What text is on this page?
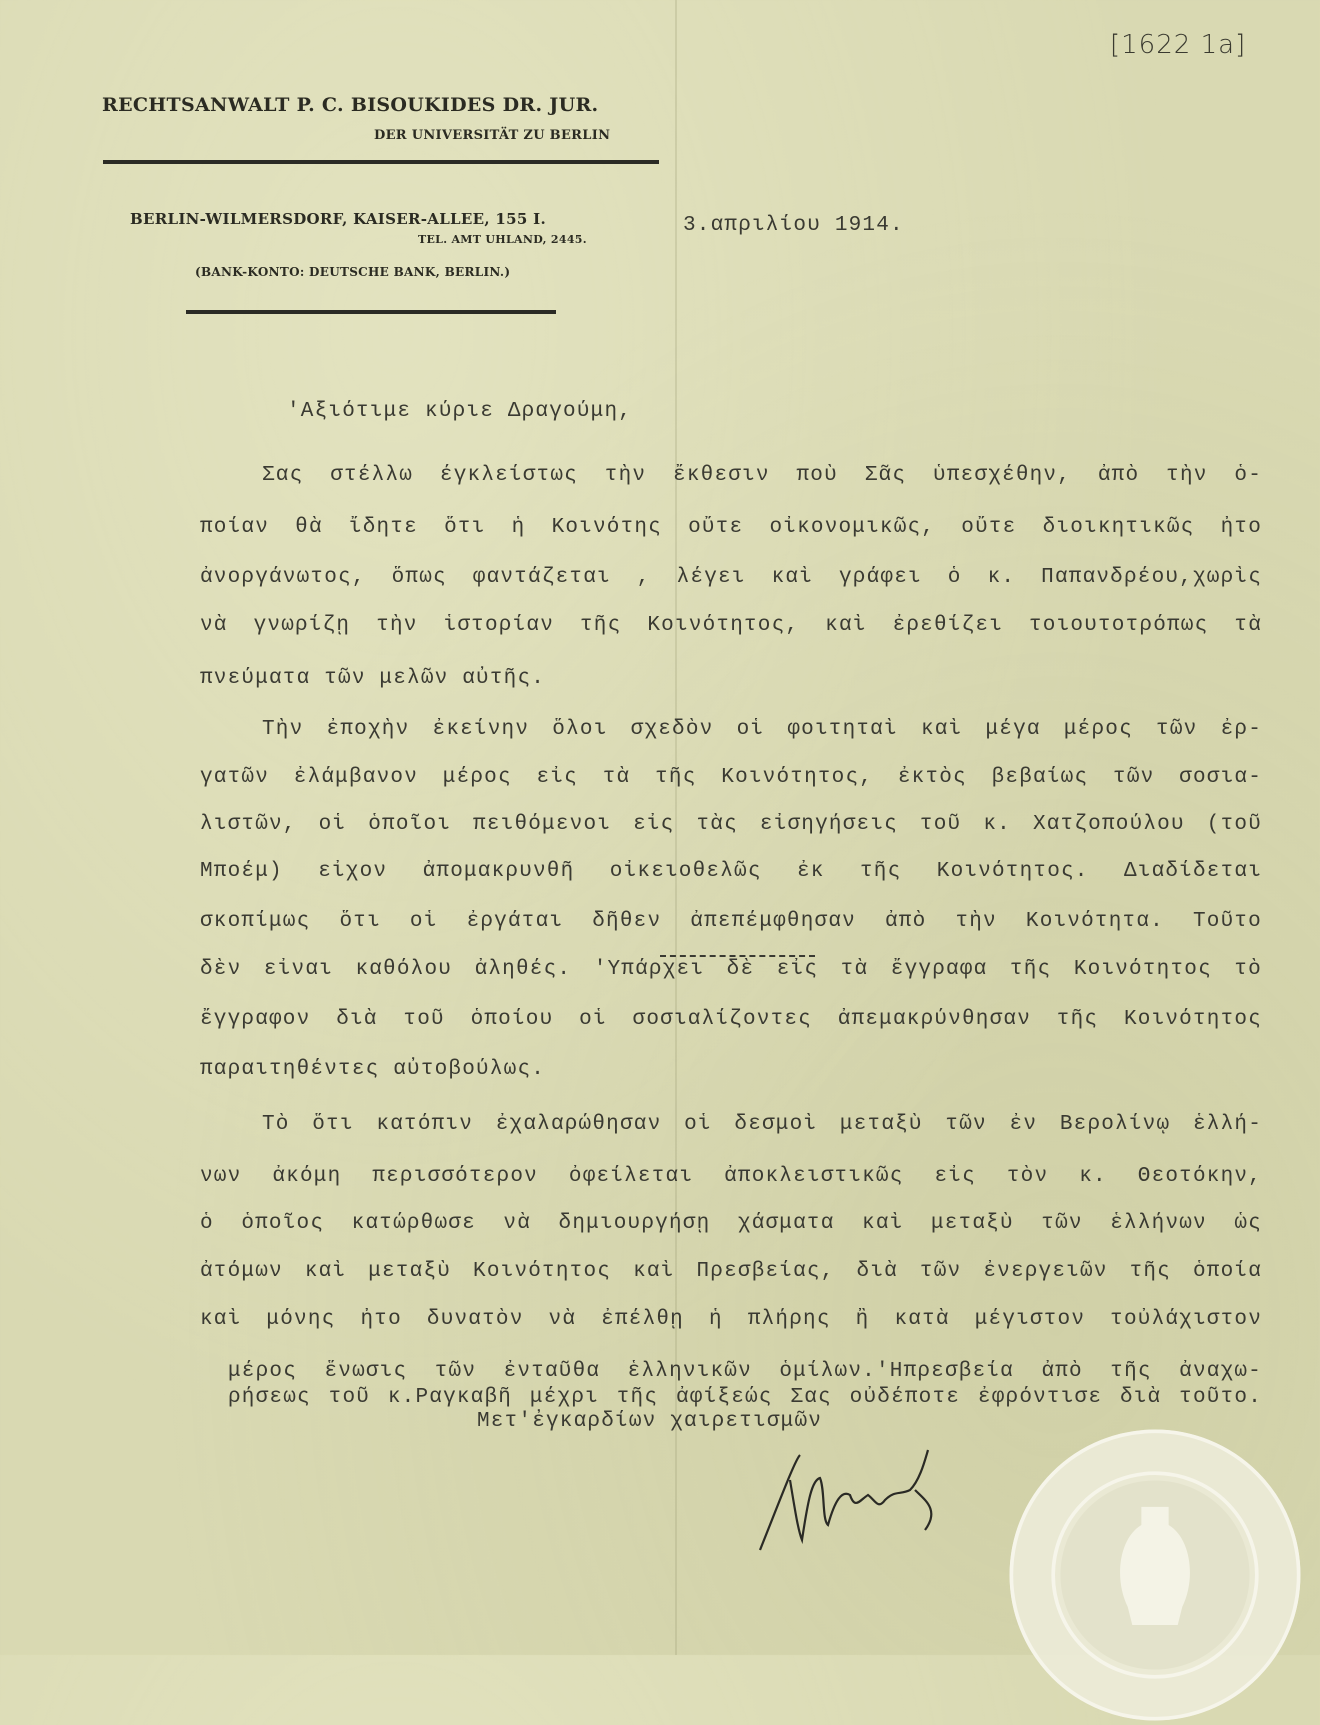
[1622 1a]
RECHTSANWALT P. C. BISOUKIDES DR. JUR.
DER UNIVERSITÄT ZU BERLIN
BERLIN-WILMERSDORF, KAISER-ALLEE, 155 I.
TEL. AMT UHLAND, 2445.
(BANK-KONTO: DEUTSCHE BANK, BERLIN.)
3.απριλίου 1914.
'Αξιότιμε κύριε Δραγούμη,
Σας στέλλω έγκλείστως τὴν ἔκθεσιν ποὺ Σᾶς ὑπεσχέθην, ἀπὸ τὴν ὁ-
ποίαν θὰ ἴδητε ὅτι ἡ Κοινότης οὔτε οἰκονομικῶς, οὔτε διοικητικῶς ἦτο
ἀνοργάνωτος, ὅπως φαντάζεται , λέγει καὶ γράφει ὁ κ. Παπανδρέου,χωρὶς
νὰ γνωρίζῃ τὴν ἱστορίαν τῆς Κοινότητος, καὶ ἐρεθίζει τοιουτοτρόπως τὰ
πνεύματα τῶν μελῶν αὐτῆς.
Τὴν ἐποχὴν ἐκείνην ὅλοι σχεδὸν οἱ φοιτηταὶ καὶ μέγα μέρος τῶν ἐρ-
γατῶν ἐλάμβανον μέρος εἰς τὰ τῆς Κοινότητος, ἐκτὸς βεβαίως τῶν σοσια-
λιστῶν, οἱ ὁποῖοι πειθόμενοι εἰς τὰς εἰσηγήσεις τοῦ κ. Χατζοπούλου (τοῦ
Μποέμ) εἶχον ἀπομακρυνθῆ οἰκειοθελῶς ἐκ τῆς Κοινότητος. Διαδίδεται
σκοπίμως ὅτι οἱ ἐργάται δῆθεν ἀπεπέμφθησαν ἀπὸ τὴν Κοινότητα. Τοῦτο
δὲν εἶναι καθόλου ἀληθές. 'Υπάρχει δὲ εἰς τὰ ἔγγραφα τῆς Κοινότητος τὸ
ἔγγραφον διὰ τοῦ ὁποίου οἱ σοσιαλίζοντες ἀπεμακρύνθησαν τῆς Κοινότητος
παραιτηθέντες αὐτοβούλως.
Τὸ ὅτι κατόπιν ἐχαλαρώθησαν οἱ δεσμοὶ μεταξὺ τῶν ἐν Βερολίνῳ ἑλλή-
νων ἀκόμη περισσότερον ὀφείλεται ἀποκλειστικῶς εἰς τὸν κ. Θεοτόκην,
ὁ ὁποῖος κατώρθωσε νὰ δημιουργήσῃ χάσματα καὶ μεταξὺ τῶν ἑλλήνων ὡς
ἀτόμων καὶ μεταξὺ Κοινότητος καὶ Πρεσβείας, διὰ τῶν ἐνεργειῶν τῆς ὁποία
καὶ μόνης ἦτο δυνατὸν νὰ ἐπέλθῃ ἡ πλήρης ἢ κατὰ μέγιστον τοὐλάχιστον
μέρος ἕνωσις τῶν ἐνταῦθα ἑλληνικῶν ὁμίλων.'Ηπρεσβεία ἀπὸ τῆς ἀναχω-
ρήσεως τοῦ κ.Ραγκαβῆ μέχρι τῆς ἀφίξεώς Σας οὐδέποτε ἐφρόντισε διὰ τοῦτο.
Μετ'ἐγκαρδίων χαιρετισμῶν
